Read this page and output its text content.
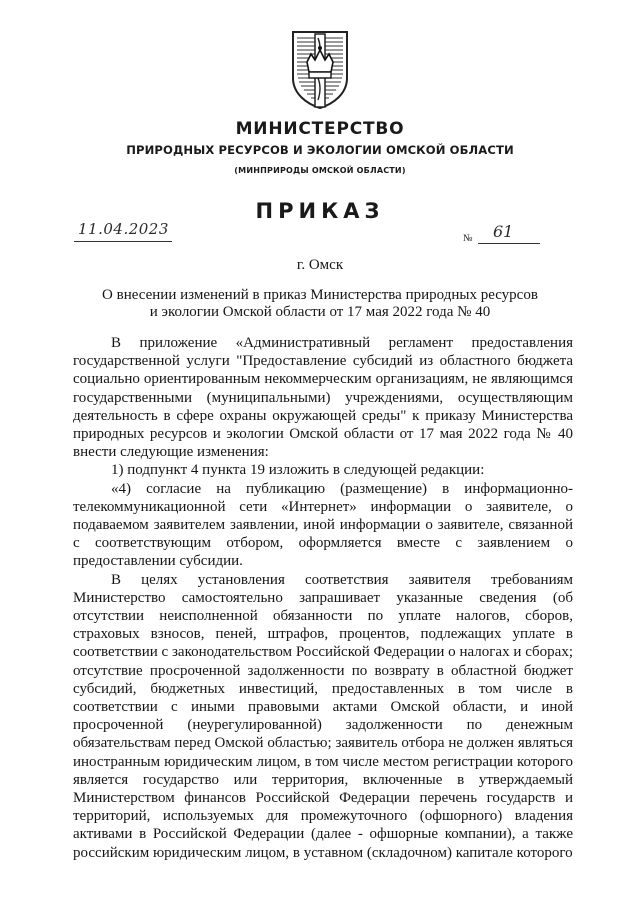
МИНИСТЕРСТВО
ПРИРОДНЫХ РЕСУРСОВ И ЭКОЛОГИИ ОМСКОЙ ОБЛАСТИ
(МИНПРИРОДЫ ОМСКОЙ ОБЛАСТИ)
ПРИКАЗ
11.04.2023
№ 61
г. Омск
О внесении изменений в приказ Министерства природных ресурсов
и экологии Омской области от 17 мая 2022 года № 40

В приложение «Административный регламент предоставления государственной услуги "Предоставление субсидий из областного бюджета социально ориентированным некоммерческим организациям, не являющимся государственными (муниципальными) учреждениями, осуществляющим деятельность в сфере охраны окружающей среды" к приказу Министерства природных ресурсов и экологии Омской области от 17 мая 2022 года № 40 внести следующие изменения:

1) подпункт 4 пункта 19 изложить в следующей редакции:

«4) согласие на публикацию (размещение) в информационно-телекоммуникационной сети «Интернет» информации о заявителе, о подаваемом заявителем заявлении, иной информации о заявителе, связанной с соответствующим отбором, оформляется вместе с заявлением о предоставлении субсидии.

В целях установления соответствия заявителя требованиям Министерство самостоятельно запрашивает указанные сведения (об отсутствии неисполненной обязанности по уплате налогов, сборов, страховых взносов, пеней, штрафов, процентов, подлежащих уплате в соответствии с законодательством Российской Федерации о налогах и сборах; отсутствие просроченной задолженности по возврату в областной бюджет субсидий, бюджетных инвестиций, предоставленных в том числе в соответствии с иными правовыми актами Омской области, и иной просроченной (неурегулированной) задолженности по денежным обязательствам перед Омской областью; заявитель отбора не должен являться иностранным юридическим лицом, в том числе местом регистрации которого является государство или территория, включенные в утверждаемый Министерством финансов Российской Федерации перечень государств и территорий, используемых для промежуточного (офшорного) владения активами в Российской Федерации (далее - офшорные компании), а также российским юридическим лицом, в уставном (складочном) капитале которого
